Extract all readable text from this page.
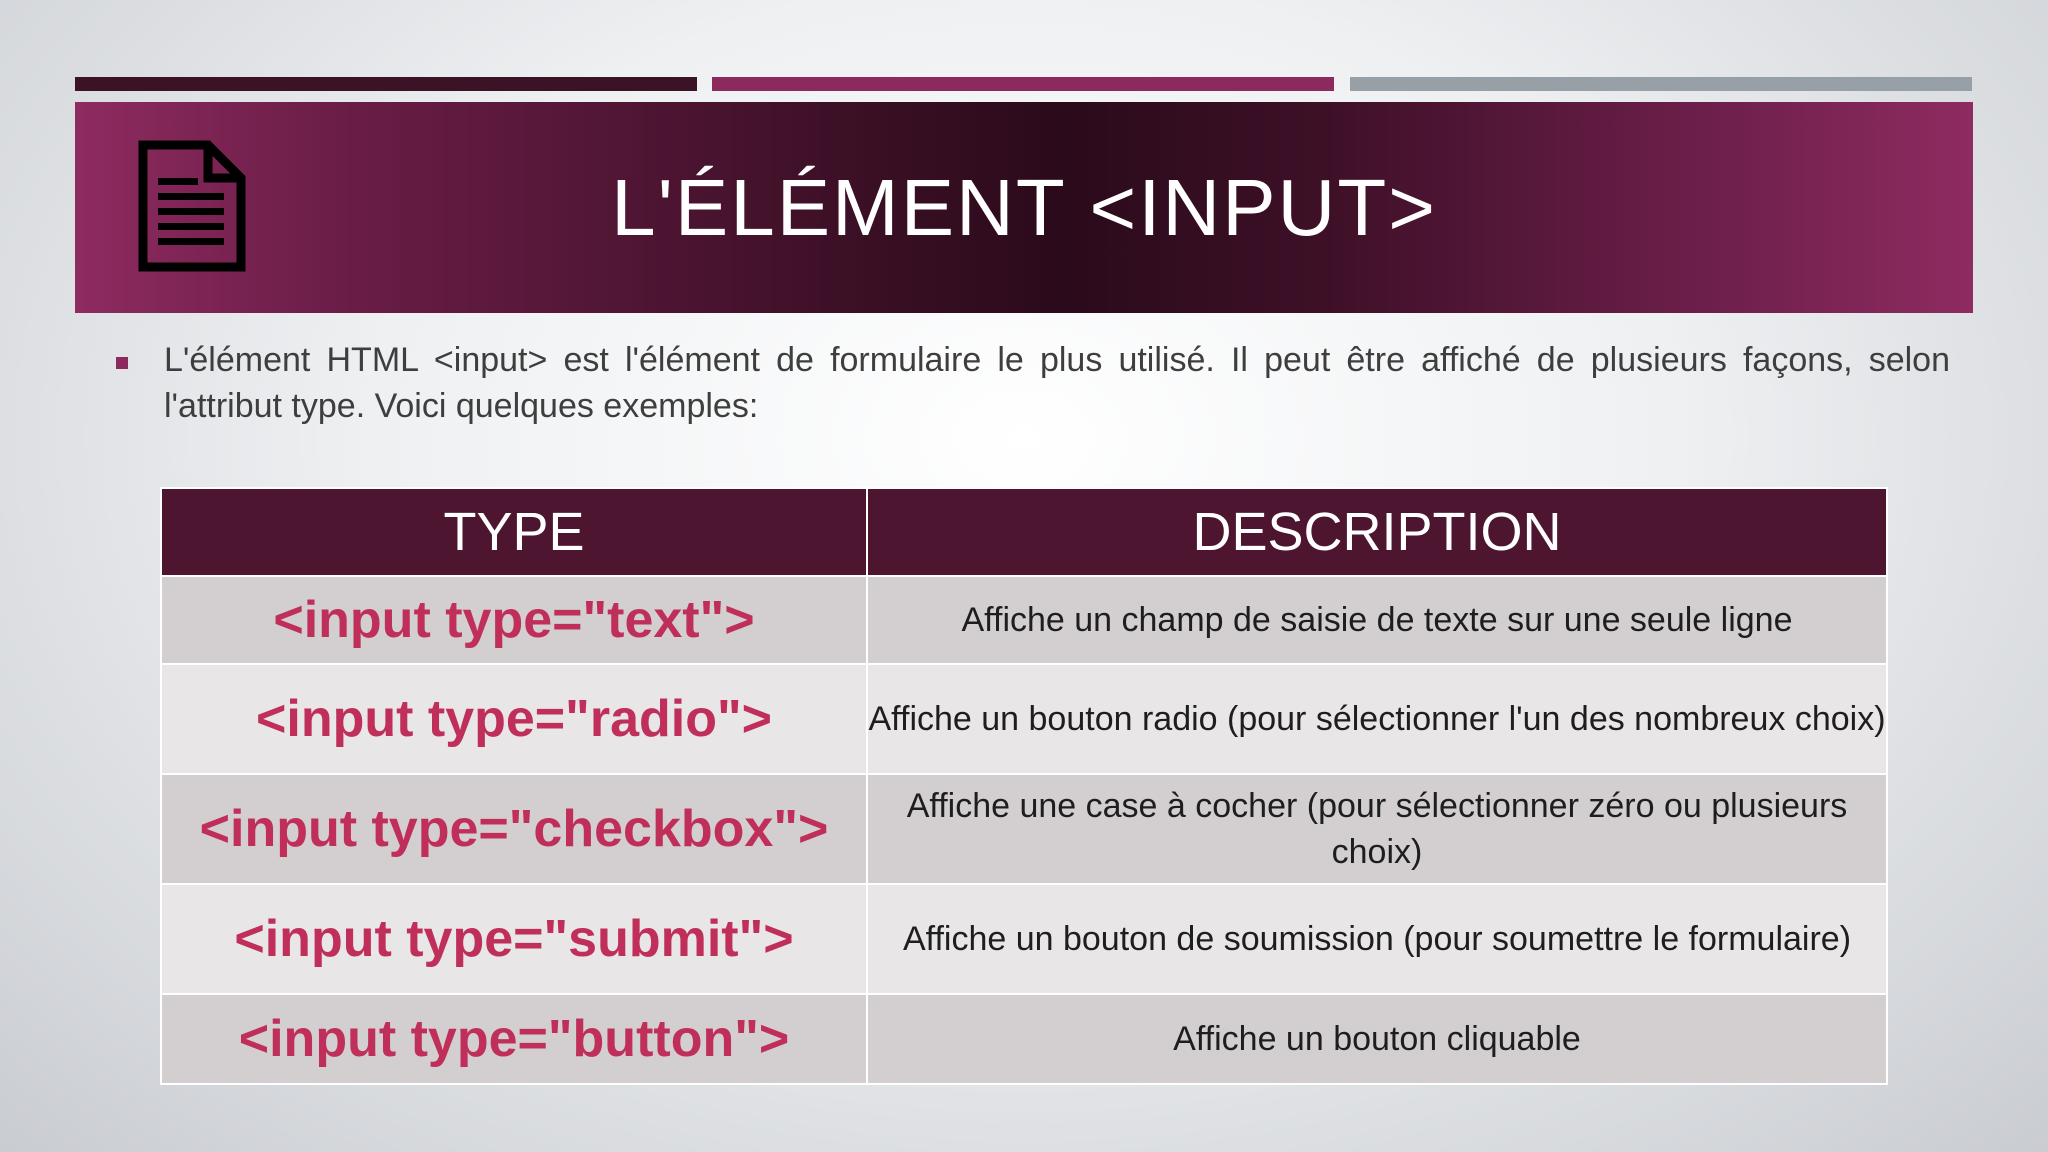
L'ÉLÉMENT <INPUT>
L'élément HTML <input> est l'élément de formulaire le plus utilisé. Il peut être affiché de plusieurs façons, selon l'attribut type. Voici quelques exemples:
TYPE	DESCRIPTION
<input type="text">	Affiche un champ de saisie de texte sur une seule ligne
<input type="radio">	Affiche un bouton radio (pour sélectionner l'un des nombreux choix)
<input type="checkbox">	Affiche une case à cocher (pour sélectionner zéro ou plusieurs choix)
<input type="submit">	Affiche un bouton de soumission (pour soumettre le formulaire)
<input type="button">	Affiche un bouton cliquable
